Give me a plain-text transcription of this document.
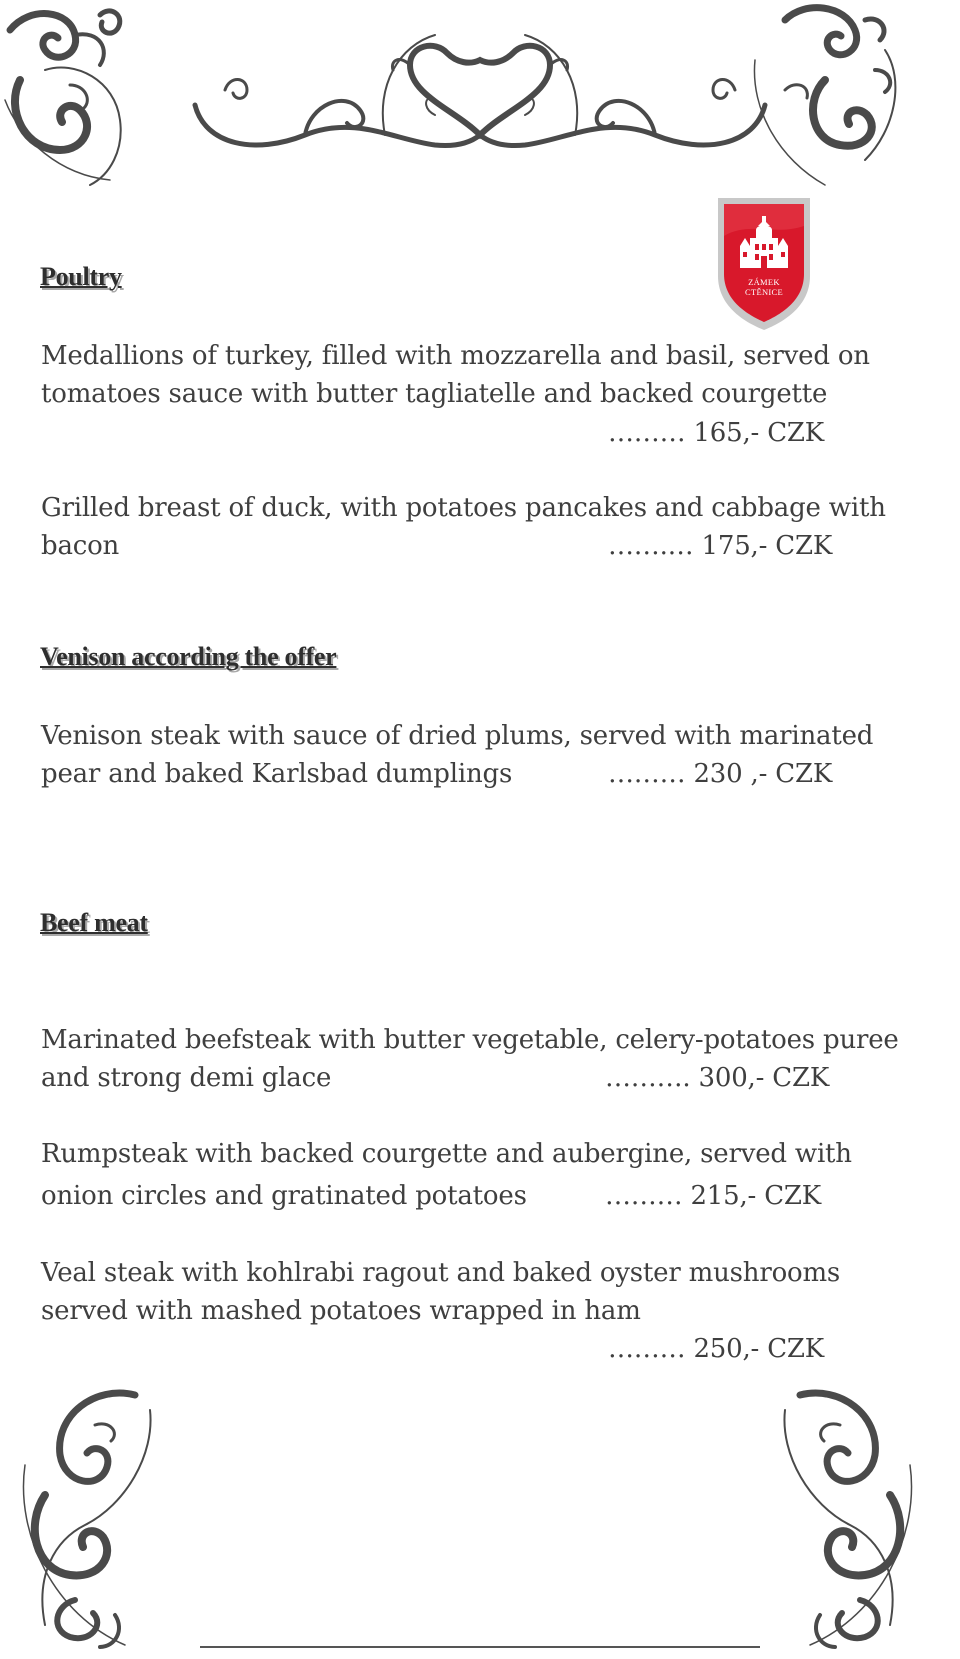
ZÁMEK
CTĚNICE
Poultry
Medallions of turkey, filled with mozzarella and basil, served on
tomatoes sauce with butter tagliatelle and backed courgette
……… 165,- CZK
Grilled breast of duck, with potatoes pancakes and cabbage with
bacon	…….… 175,- CZK
Venison according the offer
Venison steak with sauce of dried plums, served with marinated
pear and baked Karlsbad dumplings	……… 230 ,- CZK
Beef meat
Marinated beefsteak with butter vegetable, celery-potatoes puree
and strong demi glace	………. 300,- CZK
Rumpsteak with backed courgette and aubergine, served with
onion circles and gratinated potatoes	……… 215,- CZK
Veal steak with kohlrabi ragout and baked oyster mushrooms
served with mashed potatoes wrapped in ham
……… 250,- CZK
